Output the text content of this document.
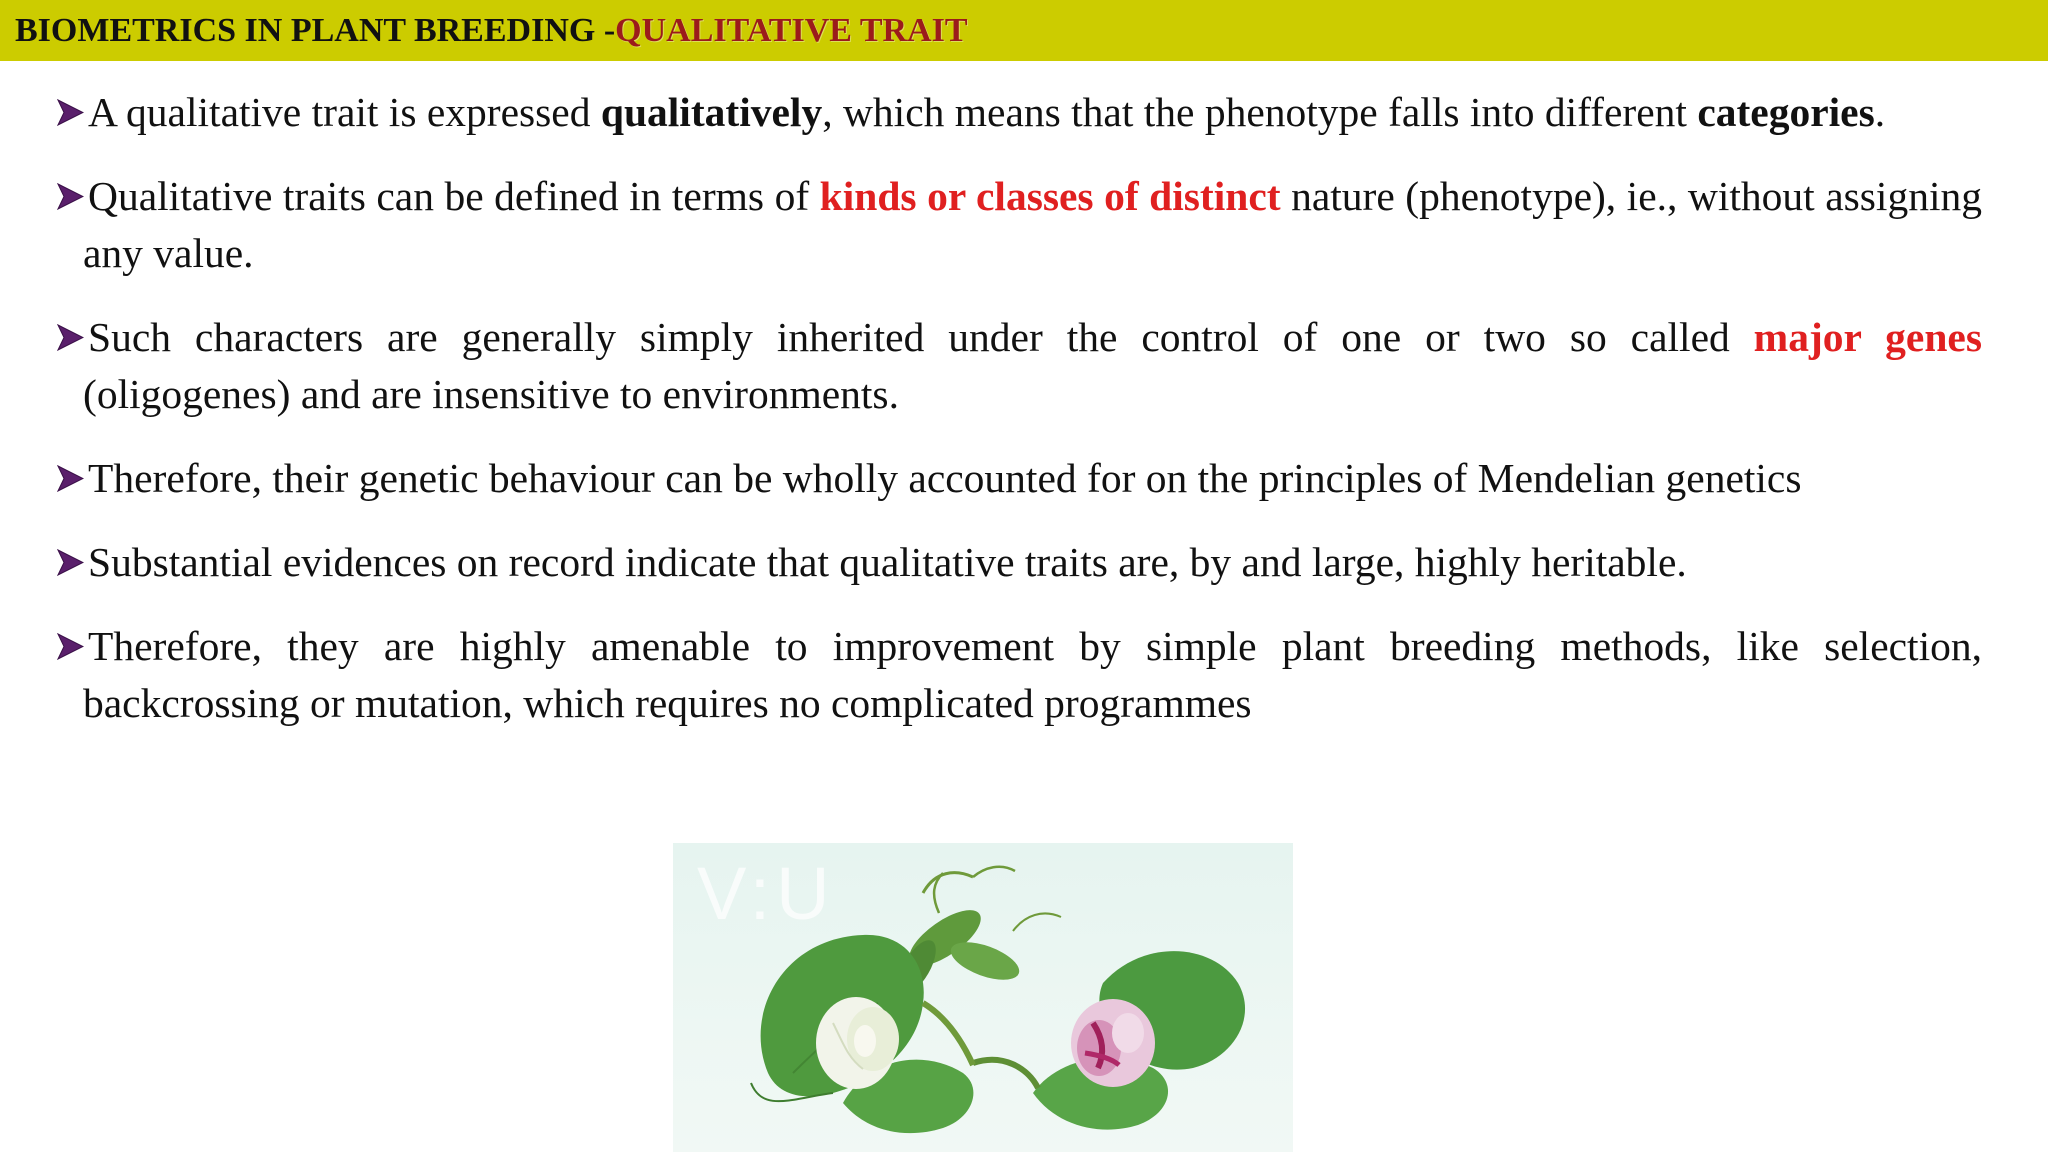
BIOMETRICS IN PLANT BREEDING - QUALITATIVE TRAIT
A qualitative trait is expressed qualitatively, which means that the phenotype falls into different categories.
Qualitative traits can be defined in terms of kinds or classes of distinct nature (phenotype), ie., without assigning any value.
Such characters are generally simply inherited under the control of one or two so called major genes (oligogenes) and are insensitive to environments.
Therefore, their genetic behaviour can be wholly accounted for on the principles of Mendelian genetics
Substantial evidences on record indicate that qualitative traits are, by and large, highly heritable.
Therefore, they are highly amenable to improvement by simple plant breeding methods, like selection, backcrossing or mutation, which requires no complicated programmes
V:U
